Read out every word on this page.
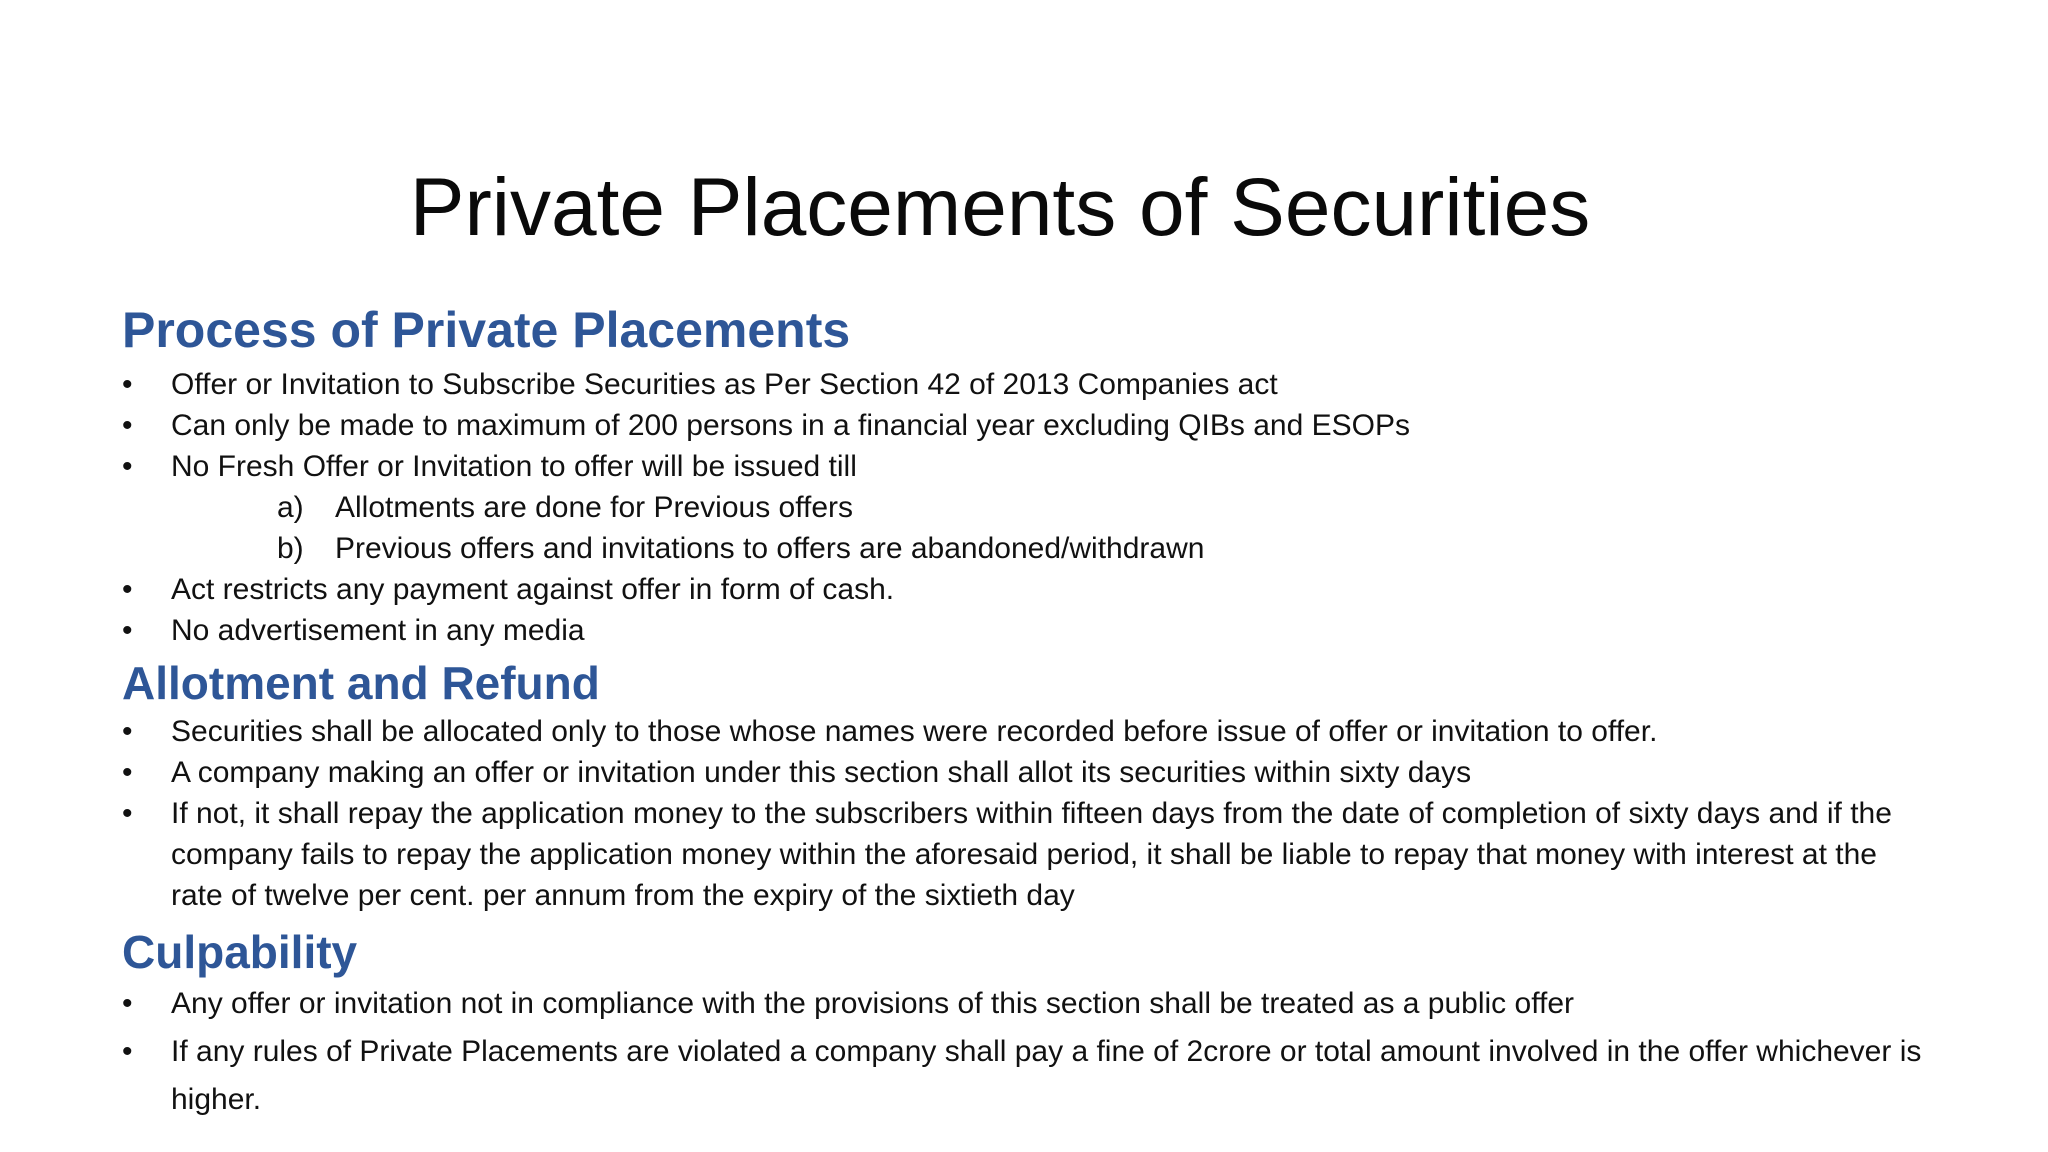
Private Placements of Securities
Process of Private Placements
•	Offer or Invitation to Subscribe Securities as Per Section 42 of 2013 Companies act
•	Can only be made to maximum of 200 persons in a financial year excluding QIBs and ESOPs
•	No Fresh Offer or Invitation to offer will be issued till
a) Allotments are done for Previous offers
b) Previous offers and invitations to offers are abandoned/withdrawn
•	Act restricts any payment against offer in form of cash.
•	No advertisement in any media
Allotment and Refund
•	Securities shall be allocated only to those whose names were recorded before issue of offer or invitation to offer.
•	A company making an offer or invitation under this section shall allot its securities within sixty days
•	If not, it shall repay the application money to the subscribers within fifteen days from the date of completion of sixty days and if the company fails to repay the application money within the aforesaid period, it shall be liable to repay that money with interest at the rate of twelve per cent. per annum from the expiry of the sixtieth day
Culpability
•	Any offer or invitation not in compliance with the provisions of this section shall be treated as a public offer
•	If any rules of Private Placements are violated a company shall pay a fine of 2crore or total amount involved in the offer whichever is higher.
